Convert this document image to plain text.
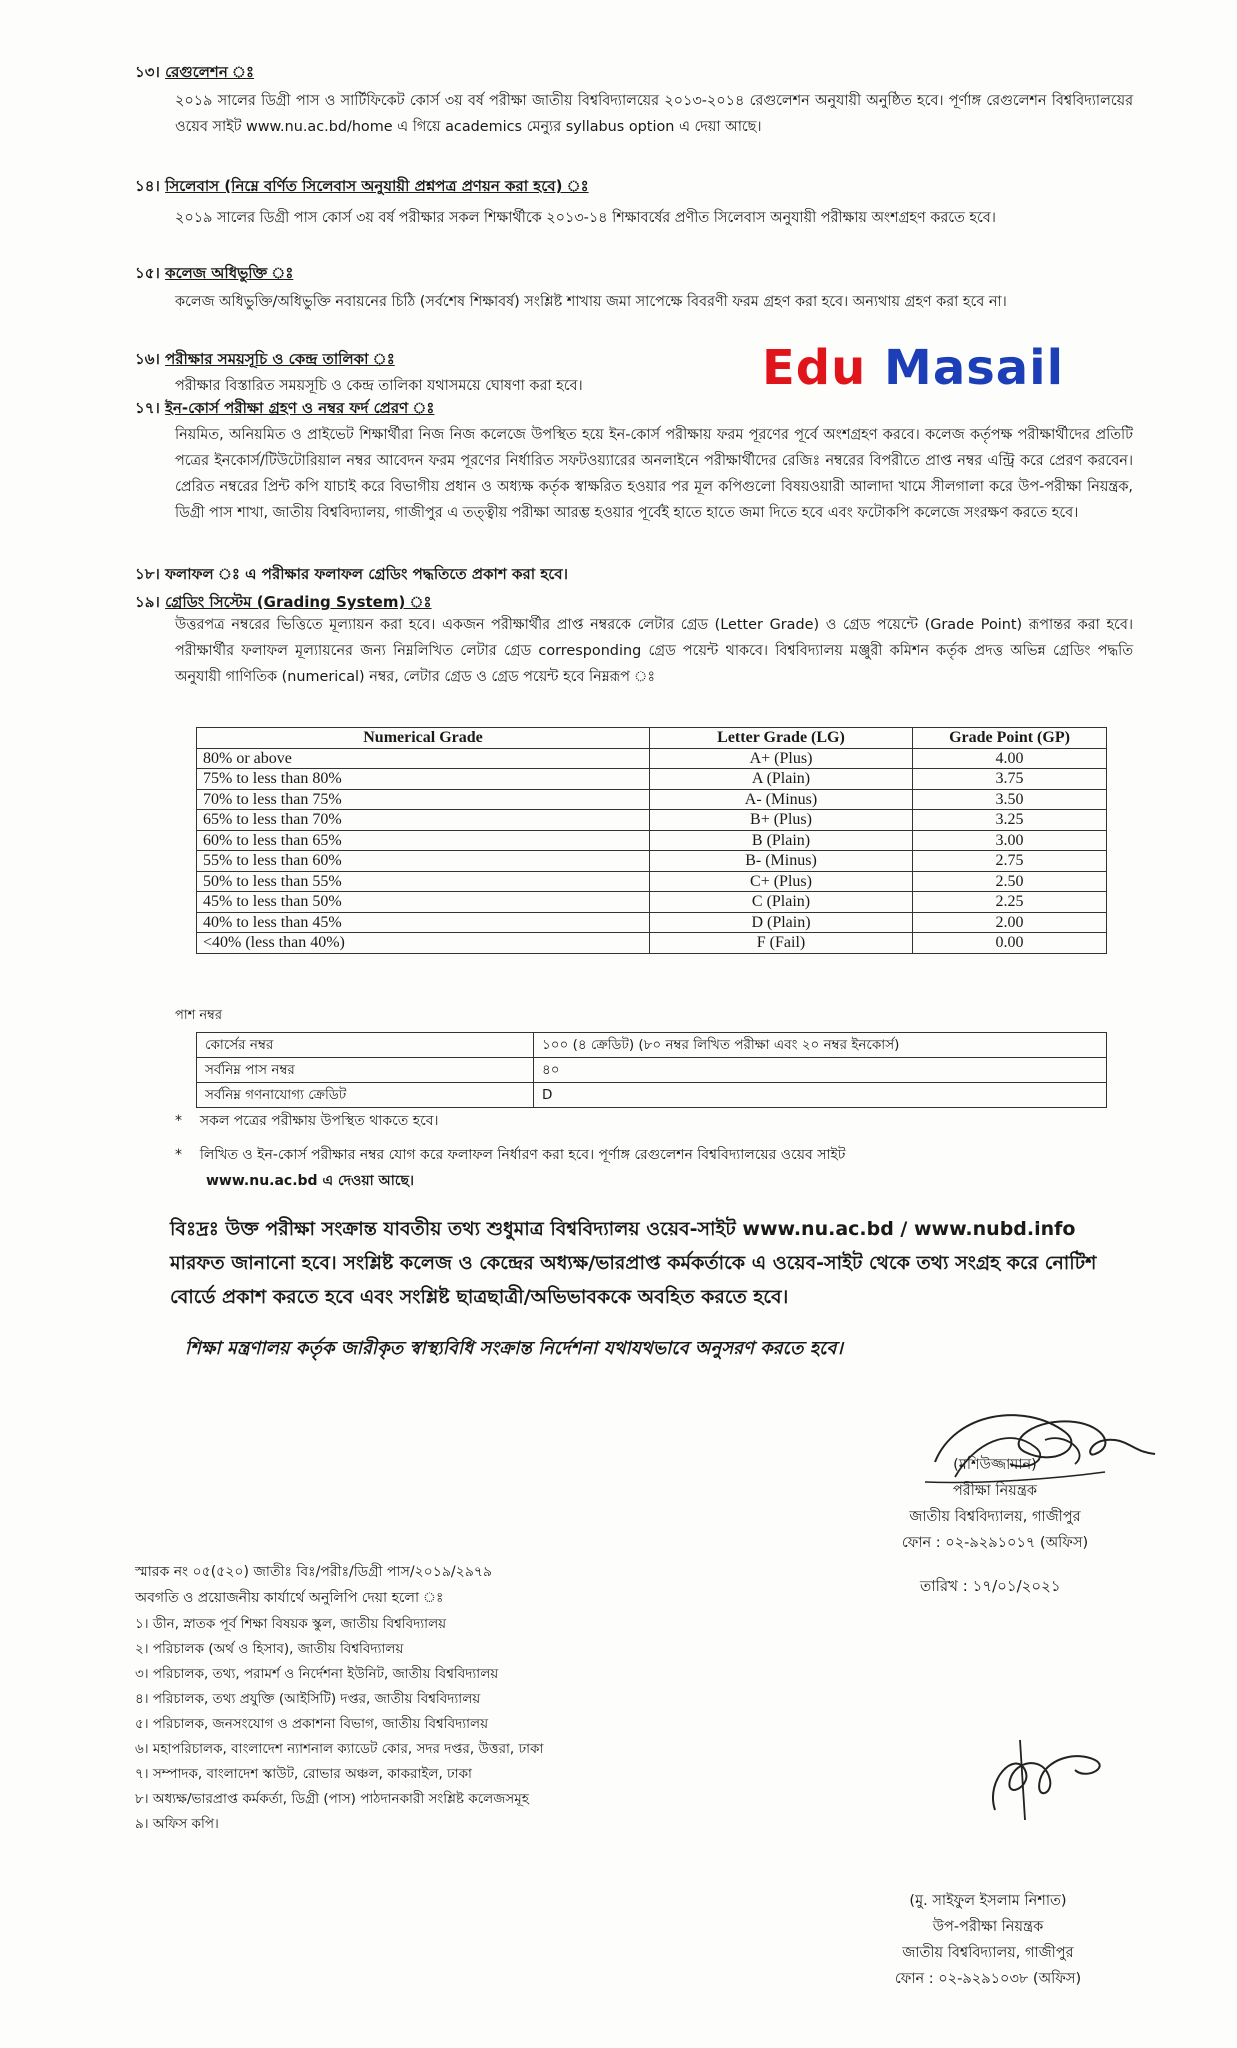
১৩। রেগুলেশন ঃ
২০১৯ সালের ডিগ্রী পাস ও সার্টিফিকেট কোর্স ৩য় বর্ষ পরীক্ষা জাতীয় বিশ্ববিদ্যালয়ের ২০১৩-২০১৪ রেগুলেশন অনুযায়ী অনুষ্ঠিত হবে। পূর্ণাঙ্গ রেগুলেশন বিশ্ববিদ্যালয়ের ওয়েব সাইট www.nu.ac.bd/home এ গিয়ে academics মেন্যুর syllabus option এ দেয়া আছে।
১৪। সিলেবাস (নিম্নে বর্ণিত সিলেবাস অনুযায়ী প্রশ্নপত্র প্রণয়ন করা হবে) ঃ
২০১৯ সালের ডিগ্রী পাস কোর্স ৩য় বর্ষ পরীক্ষার সকল শিক্ষার্থীকে ২০১৩-১৪ শিক্ষাবর্ষের প্রণীত সিলেবাস অনুযায়ী পরীক্ষায় অংশগ্রহণ করতে হবে।
১৫। কলেজ অধিভুক্তি ঃ
কলেজ অধিভুক্তি/অধিভুক্তি নবায়নের চিঠি (সর্বশেষ শিক্ষাবর্ষ) সংশ্লিষ্ট শাখায় জমা সাপেক্ষে বিবরণী ফরম গ্রহণ করা হবে। অন্যথায় গ্রহণ করা হবে না।
১৬। পরীক্ষার সময়সূচি ও কেন্দ্র তালিকা ঃ
পরীক্ষার বিস্তারিত সময়সূচি ও কেন্দ্র তালিকা যথাসময়ে ঘোষণা করা হবে।	Edu Masail
১৭। ইন-কোর্স পরীক্ষা গ্রহণ ও নম্বর ফর্দ প্রেরণ ঃ
নিয়মিত, অনিয়মিত ও প্রাইভেট শিক্ষার্থীরা নিজ নিজ কলেজে উপস্থিত হয়ে ইন-কোর্স পরীক্ষায় ফরম পূরণের পূর্বে অংশগ্রহণ করবে। কলেজ কর্তৃপক্ষ পরীক্ষার্থীদের প্রতিটি পত্রের ইনকোর্স/টিউটোরিয়াল নম্বর আবেদন ফরম পূরণের নির্ধারিত সফটওয়্যারের অনলাইনে পরীক্ষার্থীদের রেজিঃ নম্বরের বিপরীতে প্রাপ্ত নম্বর এন্ট্রি করে প্রেরণ করবেন। প্রেরিত নম্বরের প্রিন্ট কপি যাচাই করে বিভাগীয় প্রধান ও অধ্যক্ষ কর্তৃক স্বাক্ষরিত হওয়ার পর মূল কপিগুলো বিষয়ওয়ারী আলাদা খামে সীলগালা করে উপ-পরীক্ষা নিয়ন্ত্রক, ডিগ্রী পাস শাখা, জাতীয় বিশ্ববিদ্যালয়, গাজীপুর এ তত্ত্বীয় পরীক্ষা আরম্ভ হওয়ার পূর্বেই হাতে হাতে জমা দিতে হবে এবং ফটোকপি কলেজে সংরক্ষণ করতে হবে।
১৮। ফলাফল ঃ এ পরীক্ষার ফলাফল গ্রেডিং পদ্ধতিতে প্রকাশ করা হবে।
১৯। গ্রেডিং সিস্টেম (Grading System) ঃ
উত্তরপত্র নম্বরের ভিত্তিতে মূল্যায়ন করা হবে। একজন পরীক্ষার্থীর প্রাপ্ত নম্বরকে লেটার গ্রেড (Letter Grade) ও গ্রেড পয়েন্টে (Grade Point) রূপান্তর করা হবে। পরীক্ষার্থীর ফলাফল মূল্যায়নের জন্য নিম্নলিখিত লেটার গ্রেড corresponding গ্রেড পয়েন্ট থাকবে। বিশ্ববিদ্যালয় মঞ্জুরী কমিশন কর্তৃক প্রদত্ত অভিন্ন গ্রেডিং পদ্ধতি অনুযায়ী গাণিতিক (numerical) নম্বর, লেটার গ্রেড ও গ্রেড পয়েন্ট হবে নিম্নরূপ ঃ
Numerical Grade	Letter Grade (LG)	Grade Point (GP)
80% or above	A+ (Plus)	4.00
75% to less than 80%	A (Plain)	3.75
70% to less than 75%	A- (Minus)	3.50
65% to less than 70%	B+ (Plus)	3.25
60% to less than 65%	B (Plain)	3.00
55% to less than 60%	B- (Minus)	2.75
50% to less than 55%	C+ (Plus)	2.50
45% to less than 50%	C (Plain)	2.25
40% to less than 45%	D (Plain)	2.00
<40% (less than 40%)	F (Fail)	0.00
পাশ নম্বর
কোর্সের নম্বর	১০০ (৪ ক্রেডিট) (৮০ নম্বর লিখিত পরীক্ষা এবং ২০ নম্বর ইনকোর্স)
সর্বনিম্ন পাস নম্বর	৪০
সর্বনিম্ন গণনাযোগ্য ক্রেডিট	D
* সকল পত্রের পরীক্ষায় উপস্থিত থাকতে হবে।
* লিখিত ও ইন-কোর্স পরীক্ষার নম্বর যোগ করে ফলাফল নির্ধারণ করা হবে। পূর্ণাঙ্গ রেগুলেশন বিশ্ববিদ্যালয়ের ওয়েব সাইট
www.nu.ac.bd এ দেওয়া আছে।
বিঃদ্রঃ উক্ত পরীক্ষা সংক্রান্ত যাবতীয় তথ্য শুধুমাত্র বিশ্ববিদ্যালয় ওয়েব-সাইট www.nu.ac.bd / www.nubd.info মারফত জানানো হবে। সংশ্লিষ্ট কলেজ ও কেন্দ্রের অধ্যক্ষ/ভারপ্রাপ্ত কর্মকর্তাকে এ ওয়েব-সাইট থেকে তথ্য সংগ্রহ করে নোটিশ বোর্ডে প্রকাশ করতে হবে এবং সংশ্লিষ্ট ছাত্রছাত্রী/অভিভাবককে অবহিত করতে হবে।
শিক্ষা মন্ত্রণালয় কর্তৃক জারীকৃত স্বাস্থ্যবিধি সংক্রান্ত নির্দেশনা যথাযথভাবে অনুসরণ করতে হবে।
(মশিউজ্জামান)
পরীক্ষা নিয়ন্ত্রক
জাতীয় বিশ্ববিদ্যালয়, গাজীপুর
ফোন : ০২-৯২৯১০১৭ (অফিস)
স্মারক নং ০৫(৫২০) জাতীঃ বিঃ/পরীঃ/ডিগ্রী পাস/২০১৯/২৯৭৯
তারিখ : ১৭/০১/২০২১
অবগতি ও প্রয়োজনীয় কার্যার্থে অনুলিপি দেয়া হলো ঃ
১। ডীন, স্নাতক পূর্ব শিক্ষা বিষয়ক স্কুল, জাতীয় বিশ্ববিদ্যালয়
২। পরিচালক (অর্থ ও হিসাব), জাতীয় বিশ্ববিদ্যালয়
৩। পরিচালক, তথ্য, পরামর্শ ও নির্দেশনা ইউনিট, জাতীয় বিশ্ববিদ্যালয়
৪। পরিচালক, তথ্য প্রযুক্তি (আইসিটি) দপ্তর, জাতীয় বিশ্ববিদ্যালয়
৫। পরিচালক, জনসংযোগ ও প্রকাশনা বিভাগ, জাতীয় বিশ্ববিদ্যালয়
৬। মহাপরিচালক, বাংলাদেশ ন্যাশনাল ক্যাডেট কোর, সদর দপ্তর, উত্তরা, ঢাকা
৭। সম্পাদক, বাংলাদেশ স্কাউট, রোভার অঞ্চল, কাকরাইল, ঢাকা
৮। অধ্যক্ষ/ভারপ্রাপ্ত কর্মকর্তা, ডিগ্রী (পাস) পাঠদানকারী সংশ্লিষ্ট কলেজসমূহ
৯। অফিস কপি।
(মু. সাইফুল ইসলাম নিশাত)
উপ-পরীক্ষা নিয়ন্ত্রক
জাতীয় বিশ্ববিদ্যালয়, গাজীপুর
ফোন : ০২-৯২৯১০৩৮ (অফিস)
